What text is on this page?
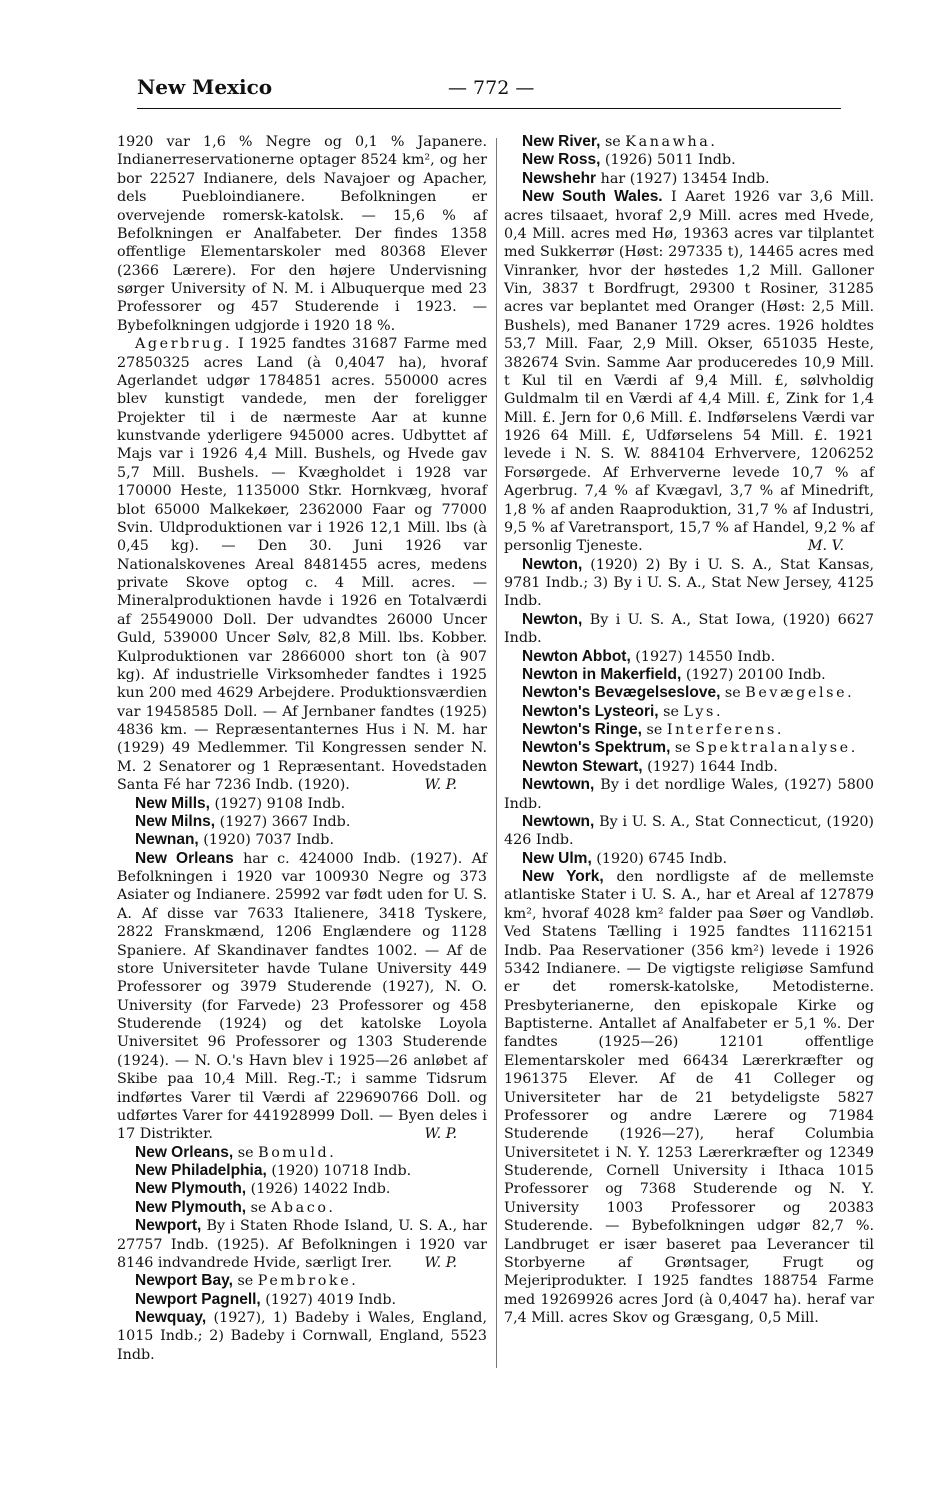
New Mexico	— 772 —

1920 var 1,6 % Negre og 0,1 % Japanere. Indianerreservationerne optager 8524 km², og her bor 22527 Indianere, dels Navajoer og Apacher, dels Puebloindianere. Befolkningen er overvejende romersk-katolsk. — 15,6 % af Befolkningen er Analfabeter. Der findes 1358 offentlige Elementarskoler med 80368 Elever (2366 Lærere). For den højere Undervisning sørger University of N. M. i Albuquerque med 23 Professorer og 457 Studerende i 1923. — Bybefolkningen udgjorde i 1920 18 %.

Agerbrug. I 1925 fandtes 31687 Farme med 27850325 acres Land (à 0,4047 ha), hvoraf Agerlandet udgør 1784851 acres. 550000 acres blev kunstigt vandede, men der foreligger Projekter til i de nærmeste Aar at kunne kunstvande yderligere 945000 acres. Udbyttet af Majs var i 1926 4,4 Mill. Bushels, og Hvede gav 5,7 Mill. Bushels. — Kvægholdet i 1928 var 170000 Heste, 1135000 Stkr. Hornkvæg, hvoraf blot 65000 Malkekøer, 2362000 Faar og 77000 Svin. Uldproduktionen var i 1926 12,1 Mill. lbs (à 0,45 kg). — Den 30. Juni 1926 var Nationalskovenes Areal 8481455 acres, medens private Skove optog c. 4 Mill. acres. — Mineralproduktionen havde i 1926 en Totalværdi af 25549000 Doll. Der udvandtes 26000 Uncer Guld, 539000 Uncer Sølv, 82,8 Mill. lbs. Kobber. Kulproduktionen var 2866000 short ton (à 907 kg). Af industrielle Virksomheder fandtes i 1925 kun 200 med 4629 Arbejdere. Produktionsværdien var 19458585 Doll. — Af Jernbaner fandtes (1925) 4836 km. — Repræsentanternes Hus i N. M. har (1929) 49 Medlemmer. Til Kongressen sender N. M. 2 Senatorer og 1 Repræsentant. Hovedstaden Santa Fé har 7236 Indb. (1920).	W. P.

New Mills, (1927) 9108 Indb.

New Milns, (1927) 3667 Indb.

Newnan, (1920) 7037 Indb.

New Orleans har c. 424000 Indb. (1927). Af Befolkningen i 1920 var 100930 Negre og 373 Asiater og Indianere. 25992 var født uden for U. S. A. Af disse var 7633 Italienere, 3418 Tyskere, 2822 Franskmænd, 1206 Englændere og 1128 Spaniere. Af Skandinaver fandtes 1002. — Af de store Universiteter havde Tulane University 449 Professorer og 3979 Studerende (1927), N. O. University (for Farvede) 23 Professorer og 458 Studerende (1924) og det katolske Loyola Universitet 96 Professorer og 1303 Studerende (1924). — N. O.'s Havn blev i 1925—26 anløbet af Skibe paa 10,4 Mill. Reg.-T.; i samme Tidsrum indførtes Varer til Værdi af 229690766 Doll. og udførtes Varer for 441928999 Doll. — Byen deles i 17 Distrikter.	W. P.

New Orleans, se Bomuld.

New Philadelphia, (1920) 10718 Indb.

New Plymouth, (1926) 14022 Indb.

New Plymouth, se Abaco.

Newport, By i Staten Rhode Island, U. S. A., har 27757 Indb. (1925). Af Befolkningen i 1920 var 8146 indvandrede Hvide, særligt Irer.	W. P.

Newport Bay, se Pembroke.

Newport Pagnell, (1927) 4019 Indb.

Newquay, (1927), 1) Badeby i Wales, England, 1015 Indb.; 2) Badeby i Cornwall, England, 5523 Indb.

New River, se Kanawha.

New Ross, (1926) 5011 Indb.

Newshehr har (1927) 13454 Indb.

New South Wales. I Aaret 1926 var 3,6 Mill. acres tilsaaet, hvoraf 2,9 Mill. acres med Hvede, 0,4 Mill. acres med Hø, 19363 acres var tilplantet med Sukkerrør (Høst: 297335 t), 14465 acres med Vinranker, hvor der høstedes 1,2 Mill. Galloner Vin, 3837 t Bordfrugt, 29300 t Rosiner, 31285 acres var beplantet med Oranger (Høst: 2,5 Mill. Bushels), med Bananer 1729 acres. 1926 holdtes 53,7 Mill. Faar, 2,9 Mill. Okser, 651035 Heste, 382674 Svin. Samme Aar produceredes 10,9 Mill. t Kul til en Værdi af 9,4 Mill. £, sølvholdig Guldmalm til en Værdi af 4,4 Mill. £, Zink for 1,4 Mill. £. Jern for 0,6 Mill. £. Indførselens Værdi var 1926 64 Mill. £, Udførselens 54 Mill. £. 1921 levede i N. S. W. 884104 Erhververe, 1206252 Forsørgede. Af Erhververne levede 10,7 % af Agerbrug. 7,4 % af Kvægavl, 3,7 % af Minedrift, 1,8 % af anden Raaproduktion, 31,7 % af Industri, 9,5 % af Varetransport, 15,7 % af Handel, 9,2 % af personlig Tjeneste.	M. V.

Newton, (1920) 2) By i U. S. A., Stat Kansas, 9781 Indb.; 3) By i U. S. A., Stat New Jersey, 4125 Indb.

Newton, By i U. S. A., Stat Iowa, (1920) 6627 Indb.

Newton Abbot, (1927) 14550 Indb.

Newton in Makerfield, (1927) 20100 Indb.

Newton's Bevægelseslove, se Bevægelse.

Newton's Lysteori, se Lys.

Newton's Ringe, se Interferens.

Newton's Spektrum, se Spektralanalyse.

Newton Stewart, (1927) 1644 Indb.

Newtown, By i det nordlige Wales, (1927) 5800 Indb.

Newtown, By i U. S. A., Stat Connecticut, (1920) 426 Indb.

New Ulm, (1920) 6745 Indb.

New York, den nordligste af de mellemste atlantiske Stater i U. S. A., har et Areal af 127879 km², hvoraf 4028 km² falder paa Søer og Vandløb. Ved Statens Tælling i 1925 fandtes 11162151 Indb. Paa Reservationer (356 km²) levede i 1926 5342 Indianere. — De vigtigste religiøse Samfund er det romersk-katolske, Metodisterne. Presbyterianerne, den episkopale Kirke og Baptisterne. Antallet af Analfabeter er 5,1 %. Der fandtes (1925—26) 12101 offentlige Elementarskoler med 66434 Lærerkræfter og 1961375 Elever. Af de 41 Colleger og Universiteter har de 21 betydeligste 5827 Professorer og andre Lærere og 71984 Studerende (1926—27), heraf Columbia Universitetet i N. Y. 1253 Lærerkræfter og 12349 Studerende, Cornell University i Ithaca 1015 Professorer og 7368 Studerende og N. Y. University 1003 Professorer og 20383 Studerende. — Bybefolkningen udgør 82,7 %. Landbruget er især baseret paa Leverancer til Storbyerne af Grøntsager, Frugt og Mejeriprodukter. I 1925 fandtes 188754 Farme med 19269926 acres Jord (à 0,4047 ha). heraf var 7,4 Mill. acres Skov og Græsgang, 0,5 Mill.
